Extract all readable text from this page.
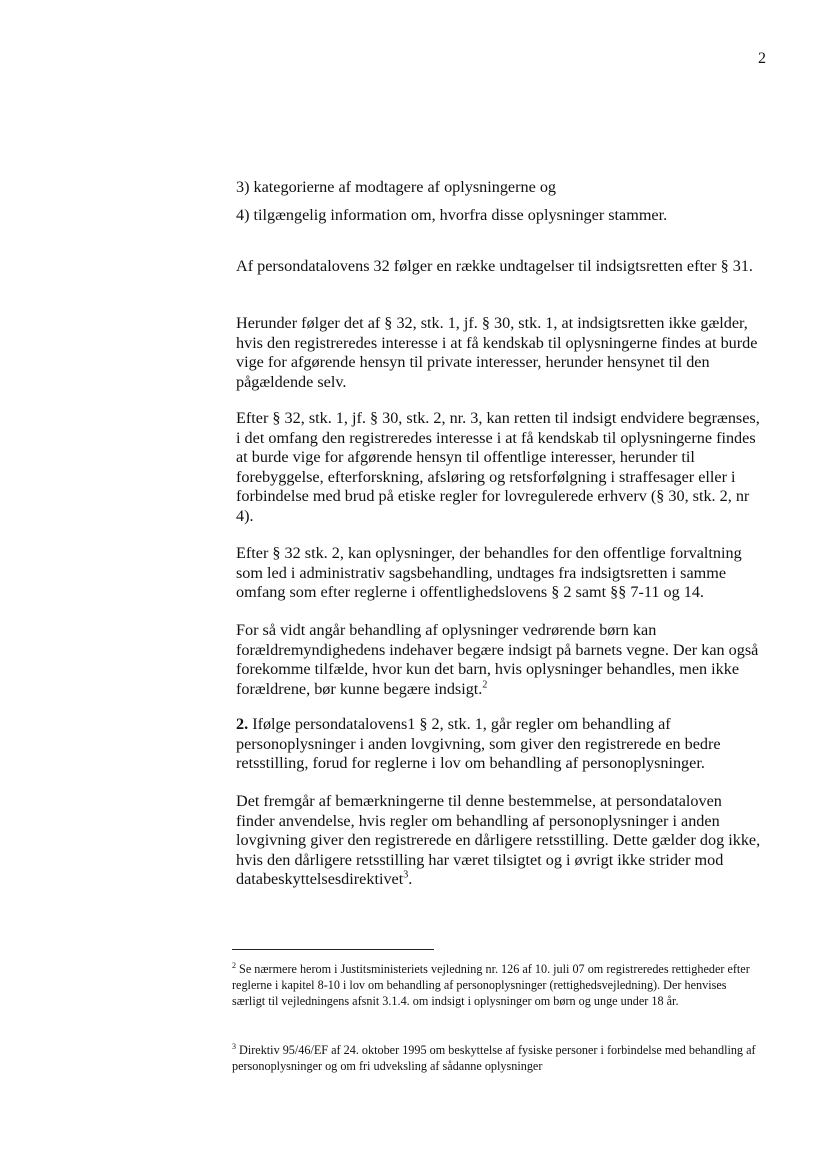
2
3) kategorierne af modtagere af oplysningerne og
4) tilgængelig information om, hvorfra disse oplysninger stammer.

Af persondatalovens 32 følger en række undtagelser til indsigtsretten efter § 31.

Herunder følger det af § 32, stk. 1, jf. § 30, stk. 1, at indsigtsretten ikke gælder, hvis den registreredes interesse i at få kendskab til oplysningerne findes at burde vige for afgørende hensyn til private interesser, herunder hensynet til den pågældende selv.

Efter § 32, stk. 1, jf. § 30, stk. 2, nr. 3, kan retten til indsigt endvidere begrænses, i det omfang den registreredes interesse i at få kendskab til oplysningerne findes at burde vige for afgørende hensyn til offentlige interesser, herunder til forebyggelse, efterforskning, afsløring og retsforfølgning i straffesager eller i forbindelse med brud på etiske regler for lovregulerede erhverv (§ 30, stk. 2, nr 4).

Efter § 32 stk. 2, kan oplysninger, der behandles for den offentlige forvaltning som led i administrativ sagsbehandling, undtages fra indsigtsretten i samme omfang som efter reglerne i offentlighedslovens § 2 samt §§ 7-11 og 14.

For så vidt angår behandling af oplysninger vedrørende børn kan forældremyndighedens indehaver begære indsigt på barnets vegne. Der kan også forekomme tilfælde, hvor kun det barn, hvis oplysninger behandles, men ikke forældrene, bør kunne begære indsigt.$^2$

2. Ifølge persondatalovens1 § 2, stk. 1, går regler om behandling af personoplysninger i anden lovgivning, som giver den registrerede en bedre retsstilling, forud for reglerne i lov om behandling af personoplysninger.

Det fremgår af bemærkningerne til denne bestemmelse, at persondataloven finder anvendelse, hvis regler om behandling af personoplysninger i anden lovgivning giver den registrerede en dårligere retsstilling. Dette gælder dog ikke, hvis den dårligere retsstilling har været tilsigtet og i øvrigt ikke strider mod databeskyttelsesdirektivet$^3$.

$^2$ Se nærmere herom i Justitsministeriets vejledning nr. 126 af 10. juli 07 om registreredes rettigheder efter reglerne i kapitel 8-10 i lov om behandling af personoplysninger (rettighedsvejledning). Der henvises særligt til vejledningens afsnit 3.1.4. om indsigt i oplysninger om børn og unge under 18 år.
$^3$ Direktiv 95/46/EF af 24. oktober 1995 om beskyttelse af fysiske personer i forbindelse med behandling af personoplysninger og om fri udveksling af sådanne oplysninger
